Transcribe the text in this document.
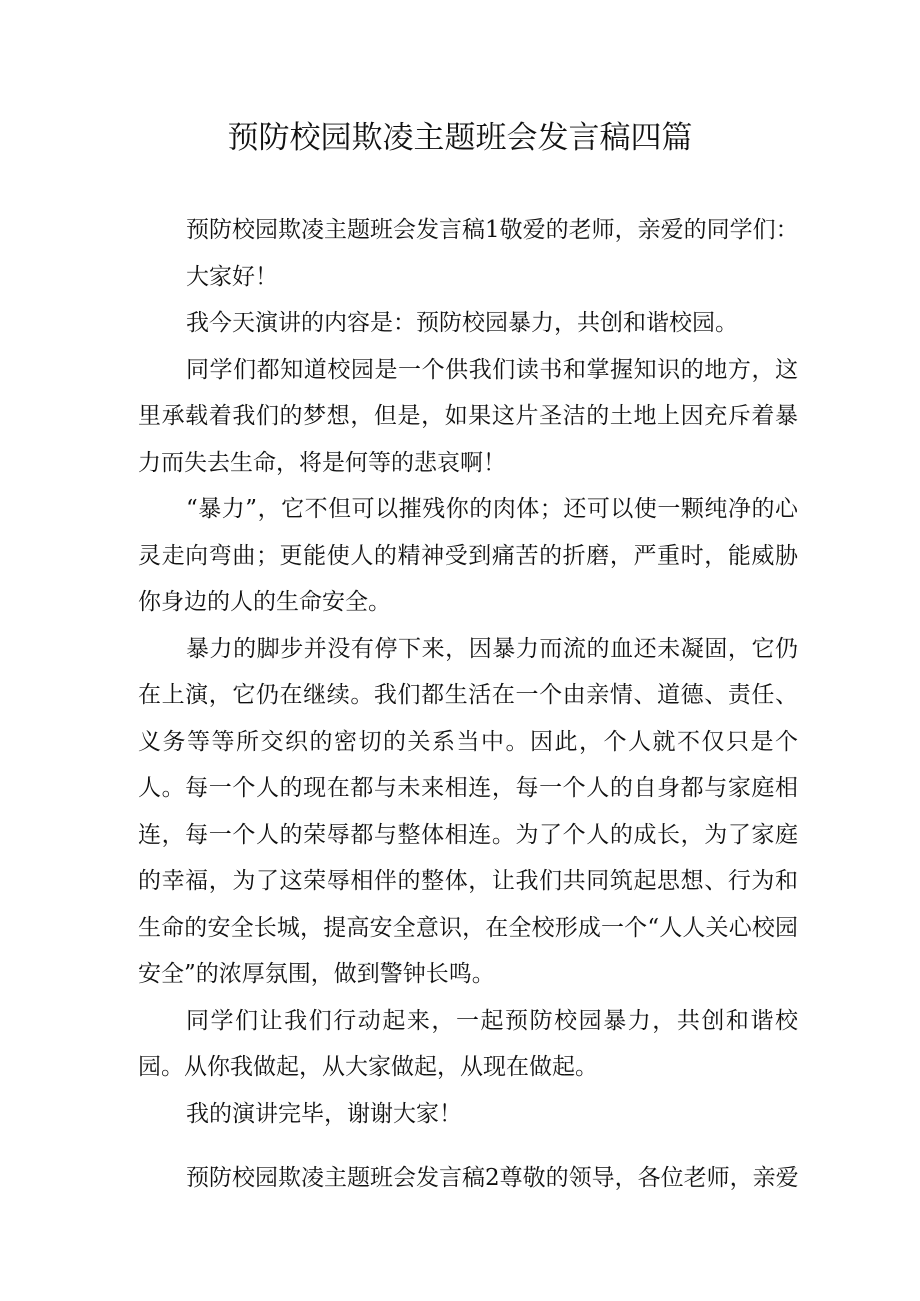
预防校园欺凌主题班会发言稿四篇

预防校园欺凌主题班会发言稿1敬爱的老师，亲爱的同学们：

大家好！

我今天演讲的内容是：预防校园暴力，共创和谐校园。

同学们都知道校园是一个供我们读书和掌握知识的地方，这里承载着我们的梦想，但是，如果这片圣洁的土地上因充斥着暴力而失去生命，将是何等的悲哀啊！

“暴力”，它不但可以摧残你的肉体；还可以使一颗纯净的心灵走向弯曲；更能使人的精神受到痛苦的折磨，严重时，能威胁你身边的人的生命安全。

暴力的脚步并没有停下来，因暴力而流的血还未凝固，它仍在上演，它仍在继续。我们都生活在一个由亲情、道德、责任、义务等等所交织的密切的关系当中。因此，个人就不仅只是个人。每一个人的现在都与未来相连，每一个人的自身都与家庭相连，每一个人的荣辱都与整体相连。为了个人的成长，为了家庭的幸福，为了这荣辱相伴的整体，让我们共同筑起思想、行为和生命的安全长城，提高安全意识，在全校形成一个“人人关心校园安全”的浓厚氛围，做到警钟长鸣。

同学们让我们行动起来，一起预防校园暴力，共创和谐校园。从你我做起，从大家做起，从现在做起。

我的演讲完毕，谢谢大家！

预防校园欺凌主题班会发言稿2尊敬的领导，各位老师，亲爱
